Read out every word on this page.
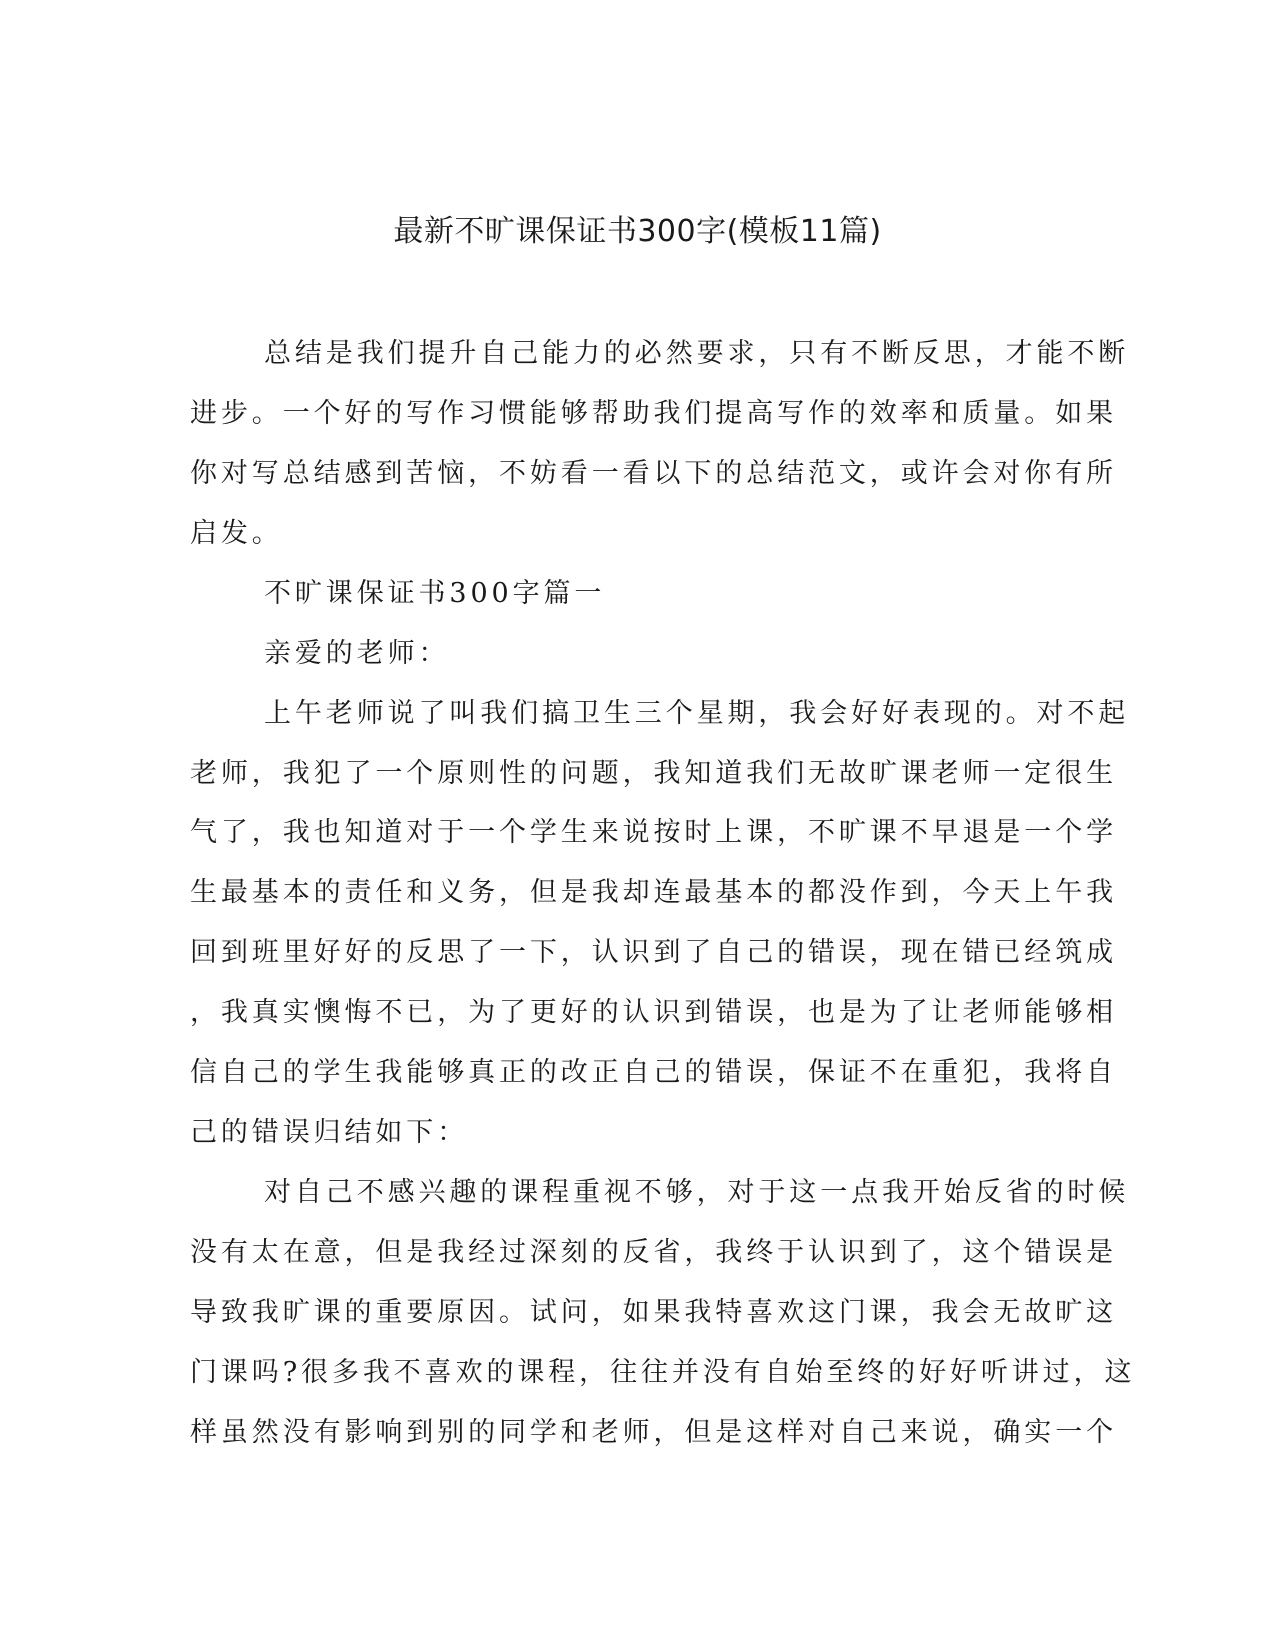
最新不旷课保证书300字(模板11篇)

总结是我们提升自己能力的必然要求，只有不断反思，才能不断

进步。一个好的写作习惯能够帮助我们提高写作的效率和质量。如果

你对写总结感到苦恼，不妨看一看以下的总结范文，或许会对你有所

启发。

不旷课保证书300字篇一

亲爱的老师：

上午老师说了叫我们搞卫生三个星期，我会好好表现的。对不起

老师，我犯了一个原则性的问题，我知道我们无故旷课老师一定很生

气了，我也知道对于一个学生来说按时上课，不旷课不早退是一个学

生最基本的责任和义务，但是我却连最基本的都没作到，今天上午我

回到班里好好的反思了一下，认识到了自己的错误，现在错已经筑成

，我真实懊悔不已，为了更好的认识到错误，也是为了让老师能够相

信自己的学生我能够真正的改正自己的错误，保证不在重犯，我将自

己的错误归结如下：

对自己不感兴趣的课程重视不够，对于这一点我开始反省的时候

没有太在意，但是我经过深刻的反省，我终于认识到了，这个错误是

导致我旷课的重要原因。试问，如果我特喜欢这门课，我会无故旷这

门课吗?很多我不喜欢的课程，往往并没有自始至终的好好听讲过，这

样虽然没有影响到别的同学和老师，但是这样对自己来说，确实一个
